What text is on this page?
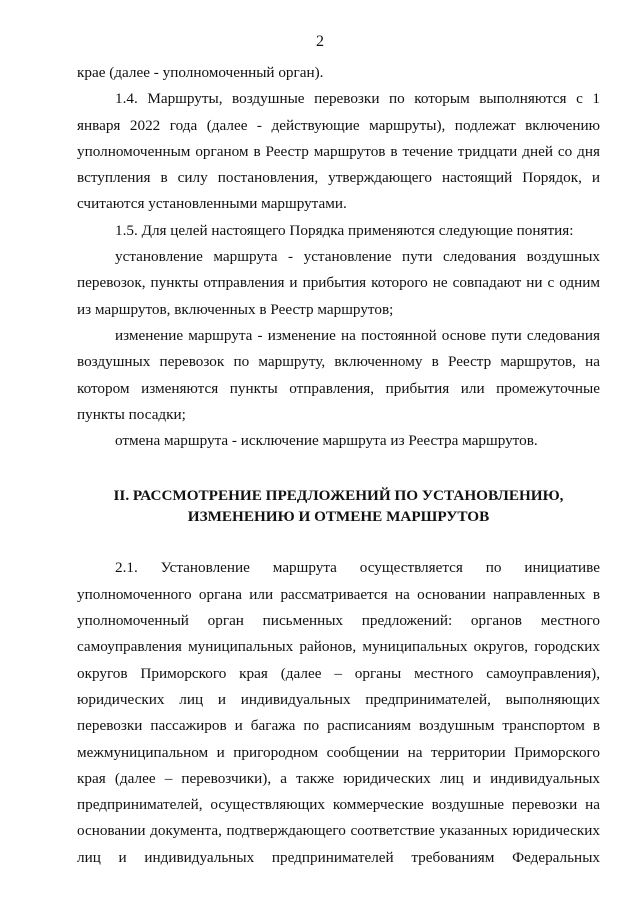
2

крае (далее - уполномоченный орган).

1.4. Маршруты, воздушные перевозки по которым выполняются с 1 января 2022 года (далее - действующие маршруты), подлежат включению уполномоченным органом в Реестр маршрутов в течение тридцати дней со дня вступления в силу постановления, утверждающего настоящий Порядок, и считаются установленными маршрутами.

1.5. Для целей настоящего Порядка применяются следующие понятия:

установление маршрута - установление пути следования воздушных перевозок, пункты отправления и прибытия которого не совпадают ни с одним из маршрутов, включенных в Реестр маршрутов;

изменение маршрута - изменение на постоянной основе пути следования воздушных перевозок по маршруту, включенному в Реестр маршрутов, на котором изменяются пункты отправления, прибытия или промежуточные пункты посадки;

отмена маршрута - исключение маршрута из Реестра маршрутов.

II. РАССМОТРЕНИЕ ПРЕДЛОЖЕНИЙ ПО УСТАНОВЛЕНИЮ,
ИЗМЕНЕНИЮ И ОТМЕНЕ МАРШРУТОВ

2.1. Установление маршрута осуществляется по инициативе уполномоченного органа или рассматривается на основании направленных в уполномоченный орган письменных предложений: органов местного самоуправления муниципальных районов, муниципальных округов, городских округов Приморского края (далее – органы местного самоуправления), юридических лиц и индивидуальных предпринимателей, выполняющих перевозки пассажиров и багажа по расписаниям воздушным транспортом в межмуниципальном и пригородном сообщении на территории Приморского края (далее – перевозчики), а также юридических лиц и индивидуальных предпринимателей, осуществляющих коммерческие воздушные перевозки на основании документа, подтверждающего соответствие указанных юридических лиц и индивидуальных предпринимателей требованиям Федеральных
